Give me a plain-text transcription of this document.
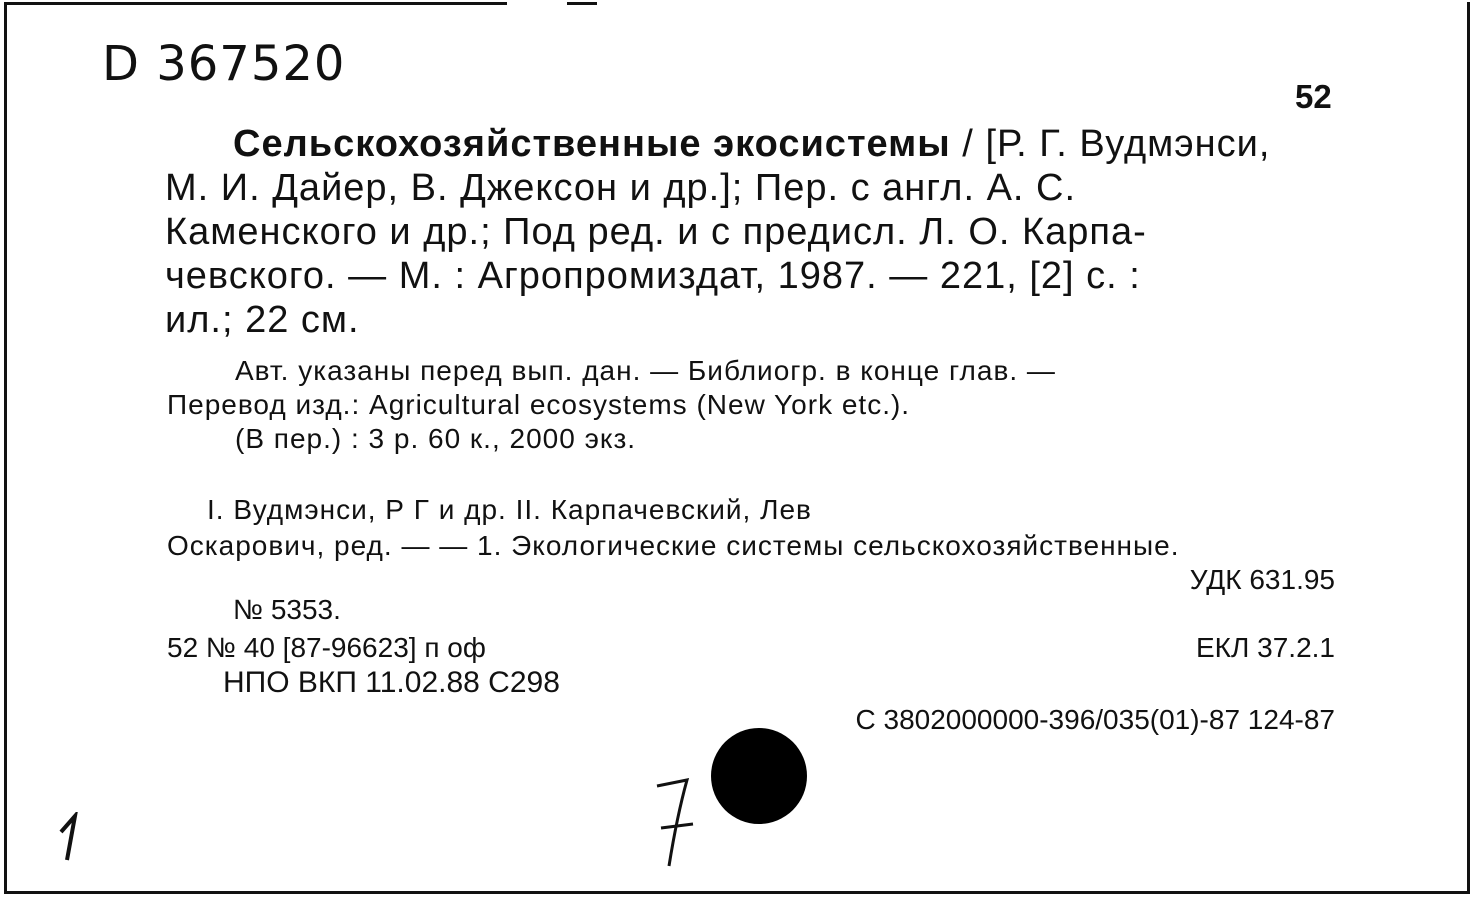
D 367520
52
Сельскохозяйственные экосистемы / [Р. Г. Вудмэнси,
М. И. Дайер, В. Джексон и др.]; Пер. с англ. А. С.
Каменского и др.; Под ред. и с предисл. Л. О. Карпа-
чевского. — М. : Агропромиздат, 1987. — 221, [2] с. :
ил.; 22 см.
Авт. указаны перед вып. дан. — Библиогр. в конце глав. —
Перевод изд.: Agricultural ecosystems (New York etc.).
(В пер.) : 3 р. 60 к., 2000 экз.
I. Вудмэнси, Р Г и др. II. Карпачевский, Лев
Оскарович, ред. — — 1. Экологические системы сельскохозяйственные.
УДК 631.95
№ 5353.
52 № 40 [87-96623] п оф	ЕКЛ 37.2.1
НПО ВКП 11.02.88 С298
С 3802000000-396/035(01)-87 124-87
